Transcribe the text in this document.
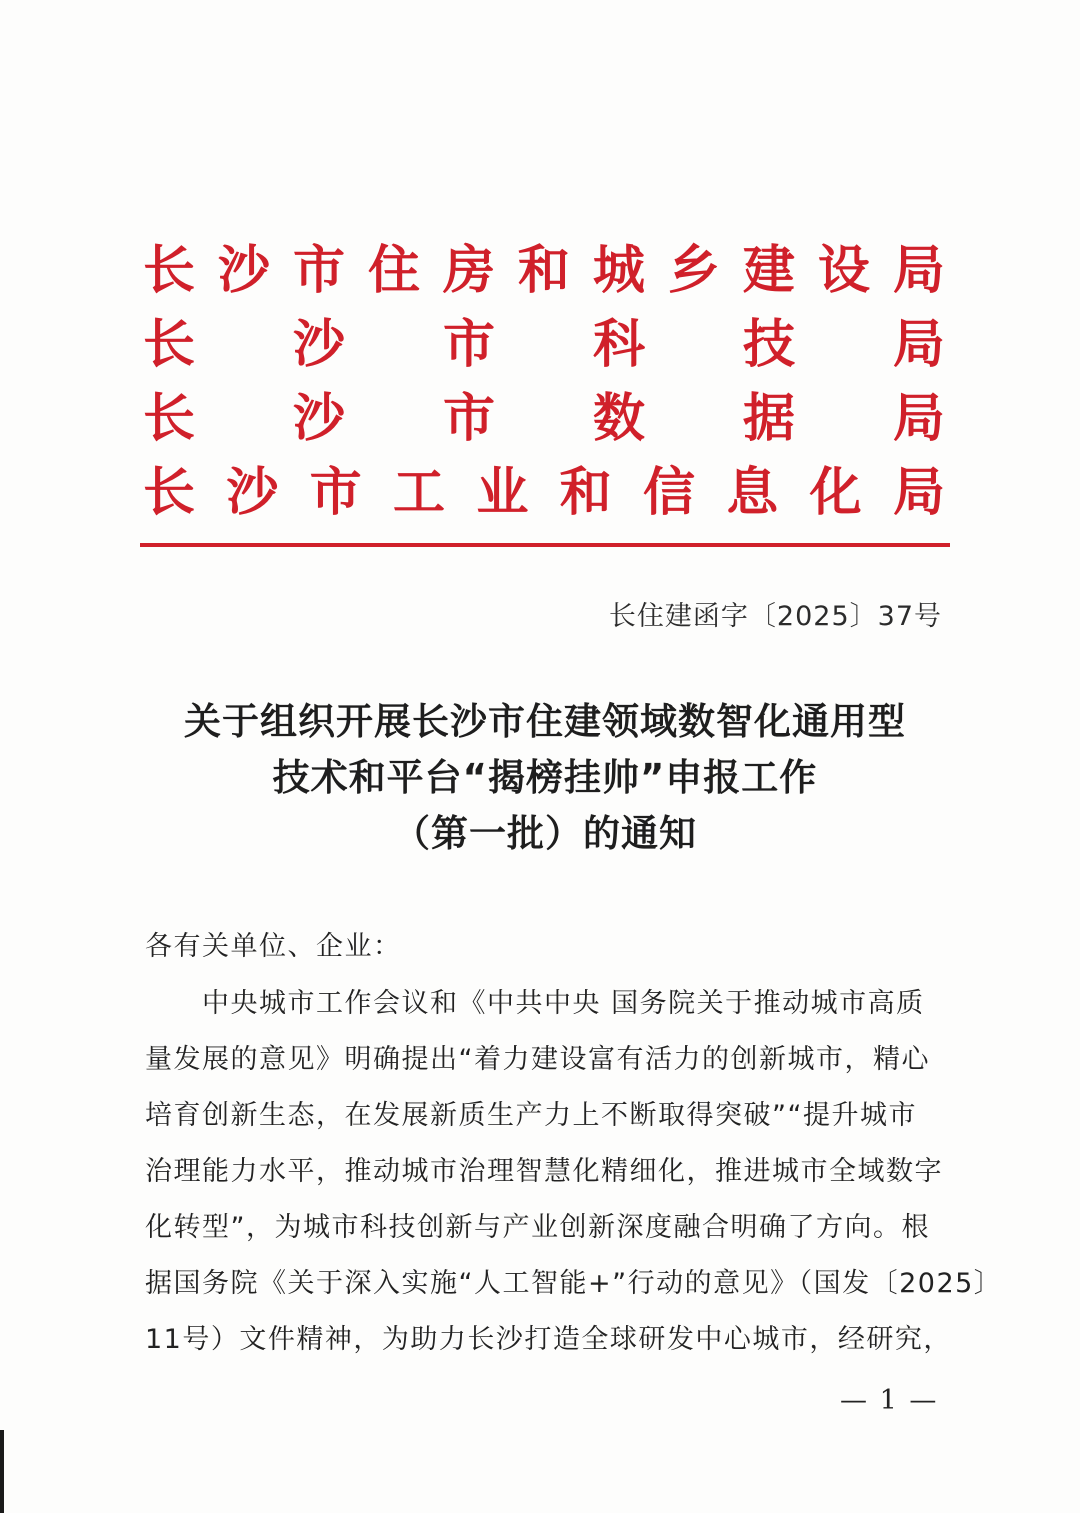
长 沙 市 住 房 和 城 乡 建 设 局
长 沙 市 科 技 局
长 沙 市 数 据 局
长 沙 市 工 业 和 信 息 化 局
长住建函字〔2025〕37号
关于组织开展长沙市住建领域数智化通用型
技术和平台“揭榜挂帅”申报工作
（第一批）的通知
各有关单位、企业：
　　中央城市工作会议和《中共中央 国务院关于推动城市高质
量发展的意见》明确提出“着力建设富有活力的创新城市，精心
培育创新生态，在发展新质生产力上不断取得突破”“提升城市
治理能力水平，推动城市治理智慧化精细化，推进城市全域数字
化转型”，为城市科技创新与产业创新深度融合明确了方向。根
据国务院《关于深入实施“人工智能+”行动的意见》（国发〔2025〕
11号）文件精神，为助力长沙打造全球研发中心城市，经研究，
— 1 —
